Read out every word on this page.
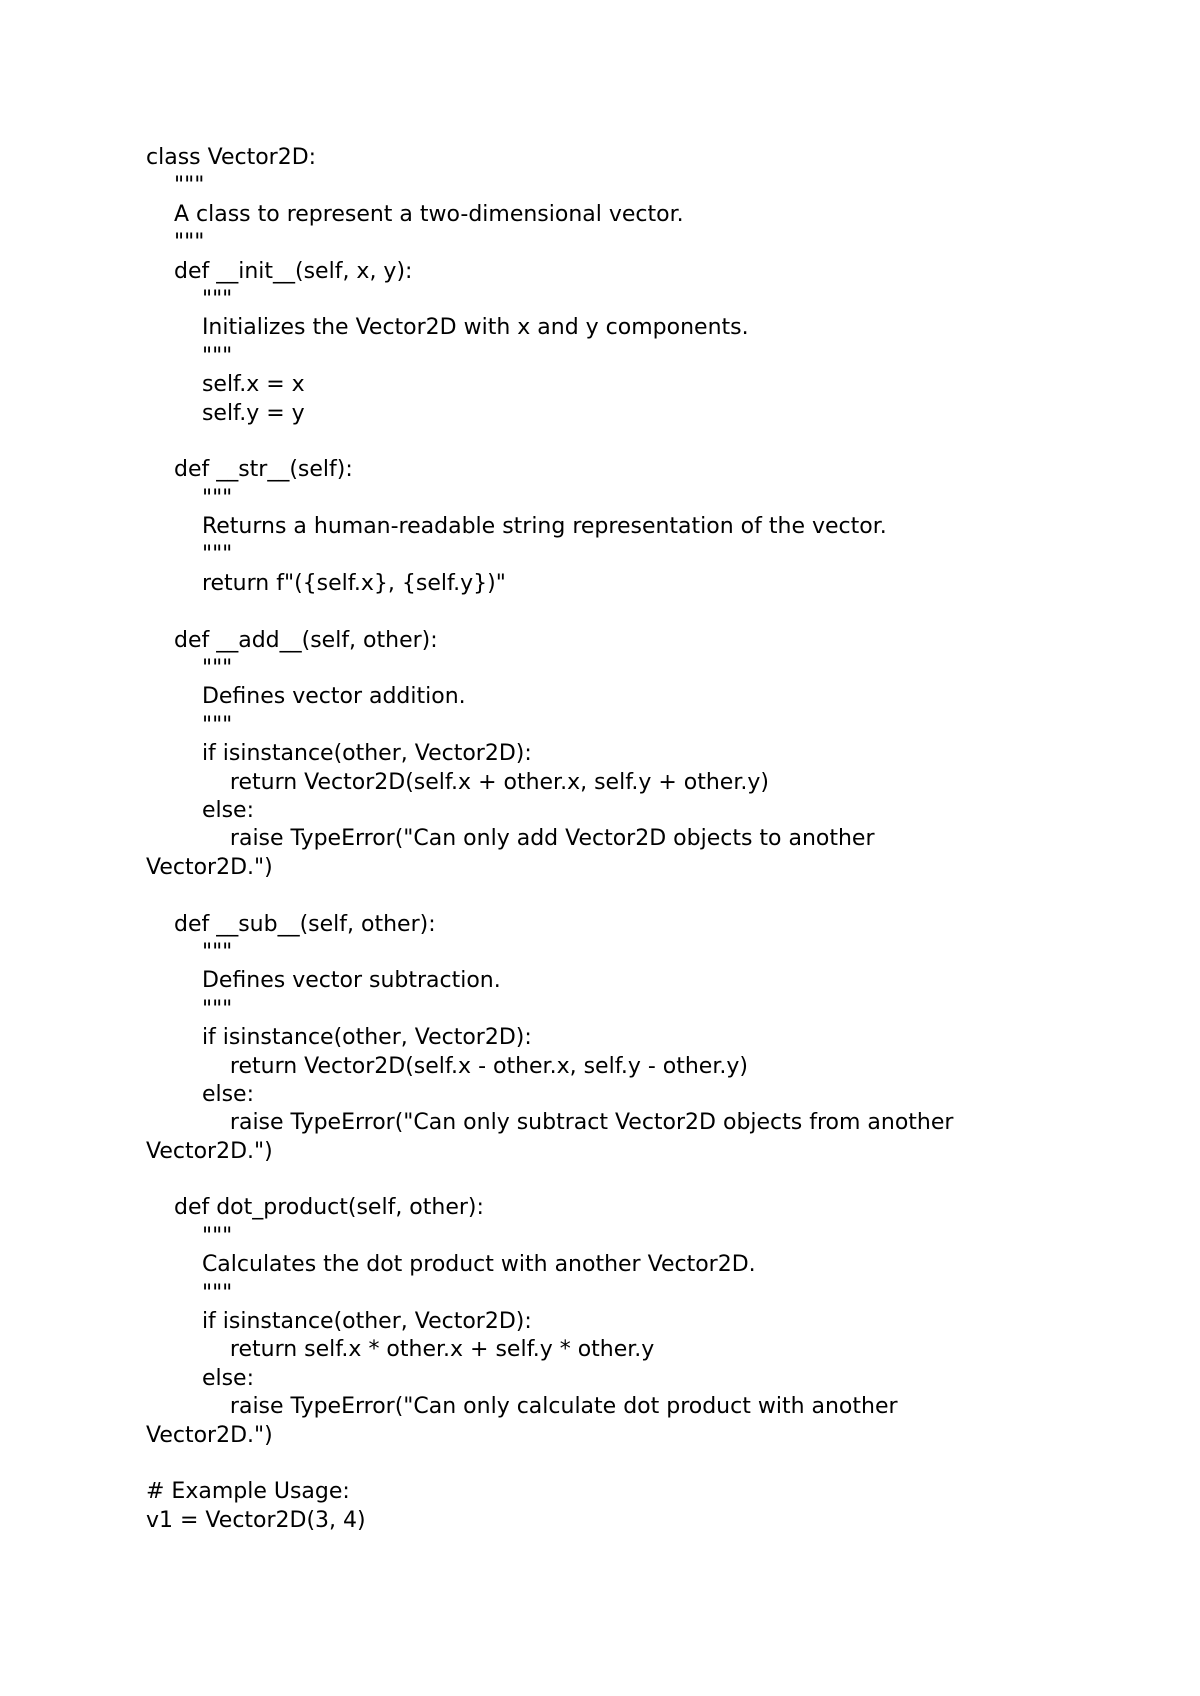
class Vector2D:
"""
A class to represent a two-dimensional vector.
"""
def __init__(self, x, y):
"""
Initializes the Vector2D with x and y components.
"""
self.x = x
self.y = y
def __str__(self):
"""
Returns a human-readable string representation of the vector.
"""
return f"({self.x}, {self.y})"
def __add__(self, other):
"""
Defines vector addition.
"""
if isinstance(other, Vector2D):
return Vector2D(self.x + other.x, self.y + other.y)
else:
raise TypeError("Can only add Vector2D objects to another
Vector2D.")
def __sub__(self, other):
"""
Defines vector subtraction.
"""
if isinstance(other, Vector2D):
return Vector2D(self.x - other.x, self.y - other.y)
else:
raise TypeError("Can only subtract Vector2D objects from another
Vector2D.")
def dot_product(self, other):
"""
Calculates the dot product with another Vector2D.
"""
if isinstance(other, Vector2D):
return self.x * other.x + self.y * other.y
else:
raise TypeError("Can only calculate dot product with another
Vector2D.")
# Example Usage:
v1 = Vector2D(3, 4)
